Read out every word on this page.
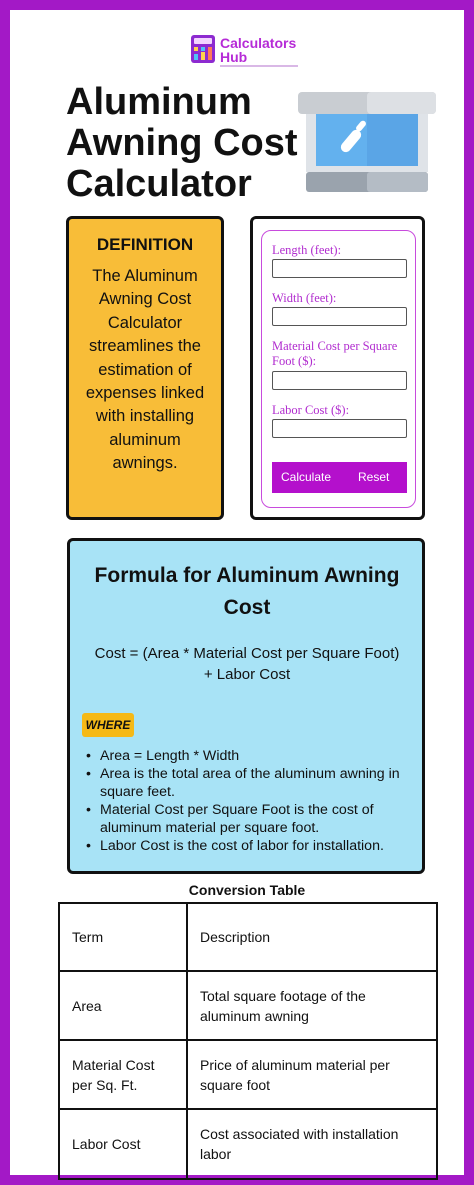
Calculators
Hub
Aluminum
Awning Cost
Calculator
DEFINITION
The Aluminum Awning Cost Calculator streamlines the estimation of expenses linked with installing aluminum awnings.
Length (feet):
Width (feet):
Material Cost per Square Foot ($):
Labor Cost ($):
Calculate Reset
Formula for Aluminum Awning Cost
Cost = (Area * Material Cost per Square Foot) + Labor Cost
WHERE
• Area = Length * Width
• Area is the total area of the aluminum awning in square feet.
• Material Cost per Square Foot is the cost of aluminum material per square foot.
• Labor Cost is the cost of labor for installation.
Conversion Table
Term	Description
Area	Total square footage of the aluminum awning
Material Cost per Sq. Ft.	Price of aluminum material per square foot
Labor Cost	Cost associated with installation labor
